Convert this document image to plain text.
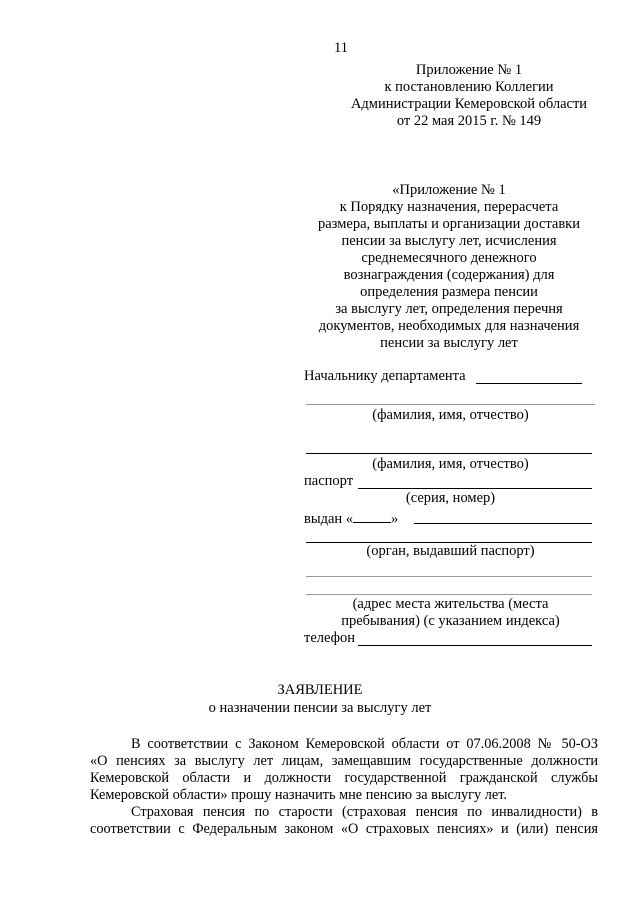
11
Приложение № 1
к постановлению Коллегии
Администрации Кемеровской области
от 22 мая 2015 г. № 149
«Приложение № 1
к Порядку назначения, перерасчета
размера, выплаты и организации доставки
пенсии за выслугу лет, исчисления
среднемесячного денежного
вознаграждения (содержания) для
определения размера пенсии
за выслугу лет, определения перечня
документов, необходимых для назначения
пенсии за выслугу лет
Начальнику департамента
(фамилия, имя, отчество)
(фамилия, имя, отчество)
паспорт
(серия, номер)
выдан «	»
(орган, выдавший паспорт)
(адрес места жительства (места
пребывания) (с указанием индекса)
телефон
ЗАЯВЛЕНИЕ
о назначении пенсии за выслугу лет
В соответствии с Законом Кемеровской области от 07.06.2008 № 50-ОЗ
«О пенсиях за выслугу лет лицам, замещавшим государственные должности
Кемеровской области и должности государственной гражданской службы
Кемеровской области» прошу назначить мне пенсию за выслугу лет.
Страховая пенсия по старости (страховая пенсия по инвалидности) в
соответствии с Федеральным законом «О страховых пенсиях» и (или) пенсия
